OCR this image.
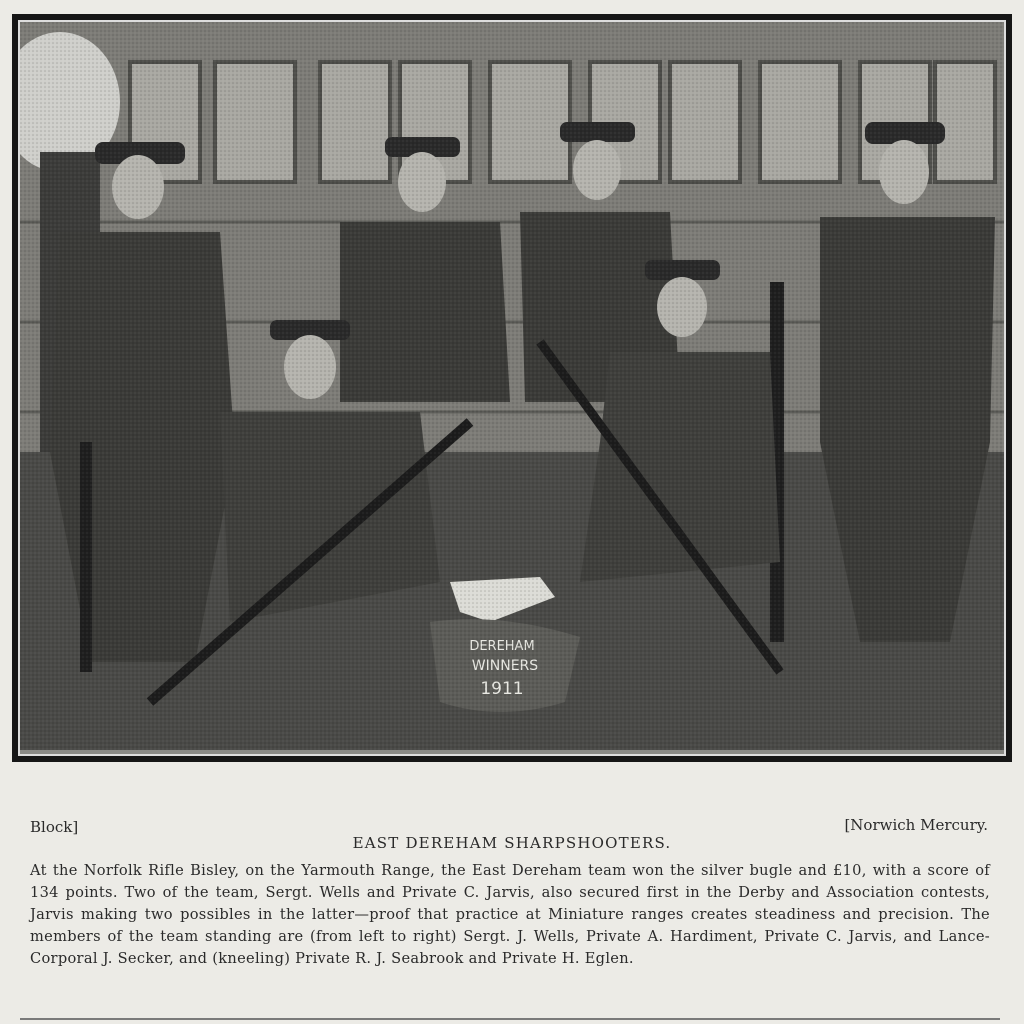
Block]	[Norwich Mercury.
EAST DEREHAM SHARPSHOOTERS.
At the Norfolk Rifle Bisley, on the Yarmouth Range, the East Dereham team won the silver bugle and £10, with a score of 134 points. Two of the team, Sergt. Wells and Private C. Jarvis, also secured first in the Derby and Association contests, Jarvis making two possibles in the latter—proof that practice at Miniature ranges creates steadiness and precision. The members of the team standing are (from left to right) Sergt. J. Wells, Private A. Hardiment, Private C. Jarvis, and Lance-Corporal J. Secker, and (kneeling) Private R. J. Seabrook and Private H. Eglen.
